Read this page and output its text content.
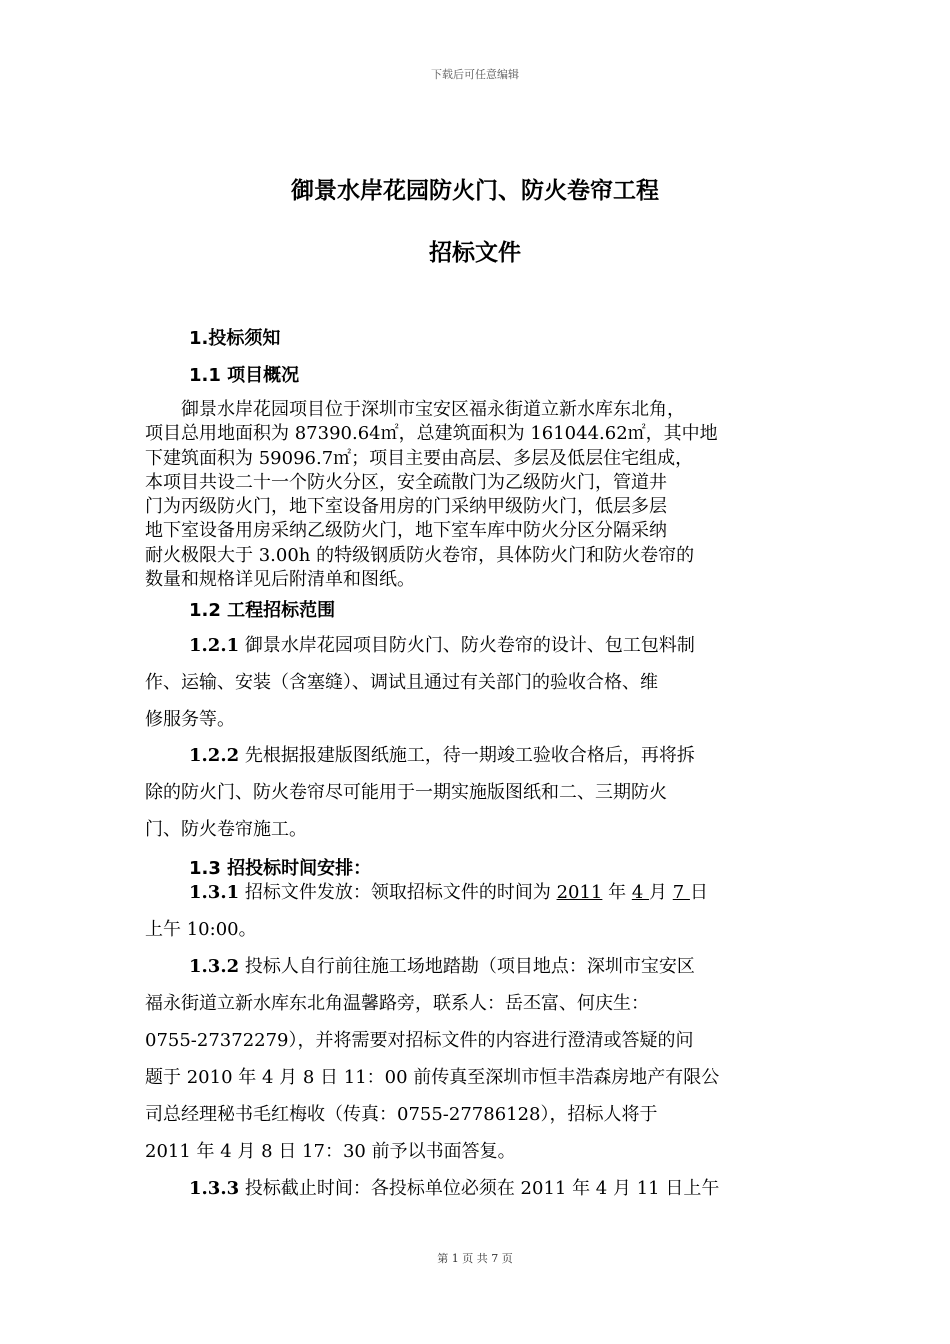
下载后可任意编辑
御景水岸花园防火门、防火卷帘工程
招标文件
1.投标须知
1.1 项目概况
　　御景水岸花园项目位于深圳市宝安区福永街道立新水库东北角，
项目总用地面积为 87390.64㎡，总建筑面积为 161044.62㎡，其中地
下建筑面积为 59096.7㎡；项目主要由高层、多层及低层住宅组成，
本项目共设二十一个防火分区，安全疏散门为乙级防火门，管道井
门为丙级防火门，地下室设备用房的门采纳甲级防火门，低层多层
地下室设备用房采纳乙级防火门，地下室车库中防火分区分隔采纳
耐火极限大于 3.00h 的特级钢质防火卷帘，具体防火门和防火卷帘的
数量和规格详见后附清单和图纸。
1.2 工程招标范围
1.2.1 御景水岸花园项目防火门、防火卷帘的设计、包工包料制
作、运输、安装（含塞缝）、调试且通过有关部门的验收合格、维
修服务等。
1.2.2 先根据报建版图纸施工，待一期竣工验收合格后，再将拆
除的防火门、防火卷帘尽可能用于一期实施版图纸和二、三期防火
门、防火卷帘施工。
1.3 招投标时间安排：
1.3.1 招标文件发放：领取招标文件的时间为 2011 年 4 月 7 日
上午 10:00。
1.3.2 投标人自行前往施工场地踏勘（项目地点：深圳市宝安区
福永街道立新水库东北角温馨路旁，联系人：岳丕富、何庆生：
0755-27372279），并将需要对招标文件的内容进行澄清或答疑的问
题于 2010 年 4 月 8 日 11：00 前传真至深圳市恒丰浩森房地产有限公
司总经理秘书毛红梅收（传真：0755-27786128），招标人将于
2011 年 4 月 8 日 17：30 前予以书面答复。
1.3.3 投标截止时间：各投标单位必须在 2011 年 4 月 11 日上午
第 1 页 共 7 页
